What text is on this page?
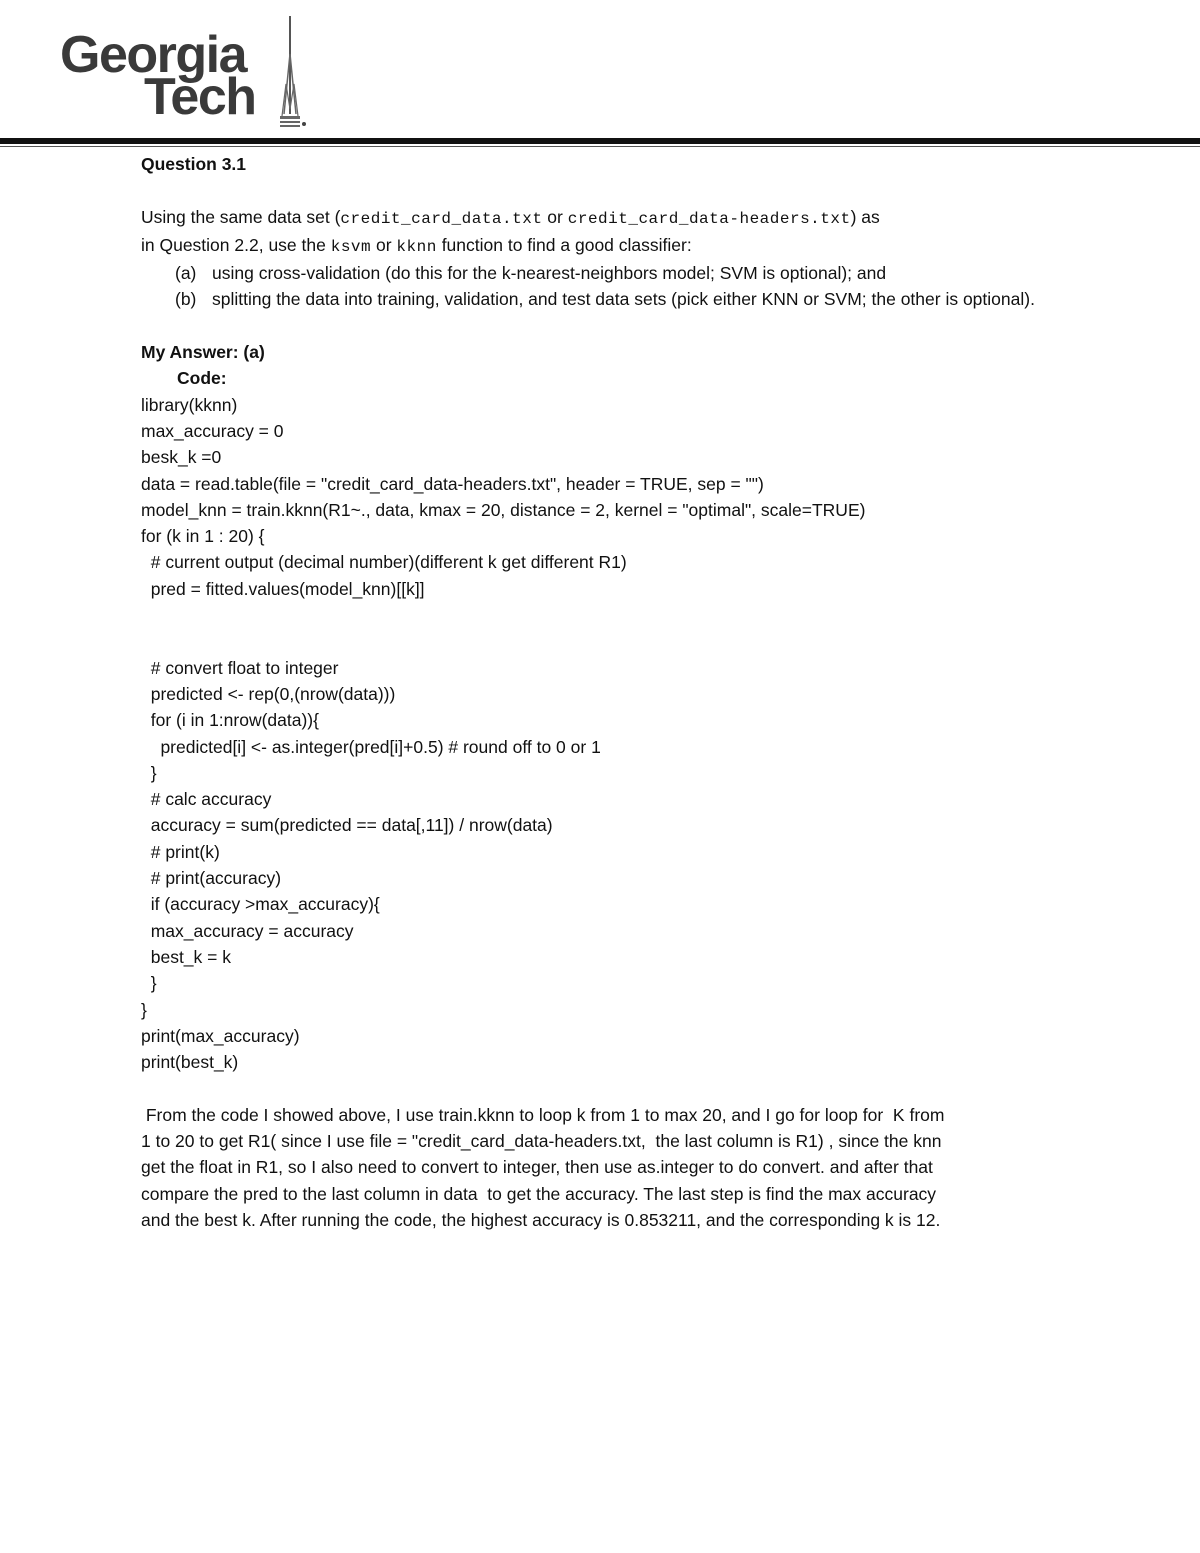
Georgia
Tech

Question 3.1

Using the same data set (credit_card_data.txt or credit_card_data-headers.txt) as

in Question 2.2, use the ksvm or kknn function to find a good classifier:

(a) using cross-validation (do this for the k-nearest-neighbors model; SVM is optional); and

(b) splitting the data into training, validation, and test data sets (pick either KNN or SVM; the other is optional).

My Answer: (a)

Code:

library(kknn)

max_accuracy = 0

besk_k =0

data = read.table(file = "credit_card_data-headers.txt", header = TRUE, sep = "")

model_knn = train.kknn(R1~., data, kmax = 20, distance = 2, kernel = "optimal", scale=TRUE)

for (k in 1 : 20) {

# current output (decimal number)(different k get different R1)

pred = fitted.values(model_knn)[[k]]

# convert float to integer

predicted <- rep(0,(nrow(data)))

for (i in 1:nrow(data)){

predicted[i] <- as.integer(pred[i]+0.5) # round off to 0 or 1

}

# calc accuracy

accuracy = sum(predicted == data[,11]) / nrow(data)

# print(k)

# print(accuracy)

if (accuracy >max_accuracy){

max_accuracy = accuracy

best_k = k

}

}

print(max_accuracy)

print(best_k)

From the code I showed above, I use train.kknn to loop k from 1 to max 20, and I go for loop for  K from

1 to 20 to get R1( since I use file = "credit_card_data-headers.txt,  the last column is R1) , since the knn

get the float in R1, so I also need to convert to integer, then use as.integer to do convert. and after that

compare the pred to the last column in data  to get the accuracy. The last step is find the max accuracy

and the best k. After running the code, the highest accuracy is 0.853211, and the corresponding k is 12.
